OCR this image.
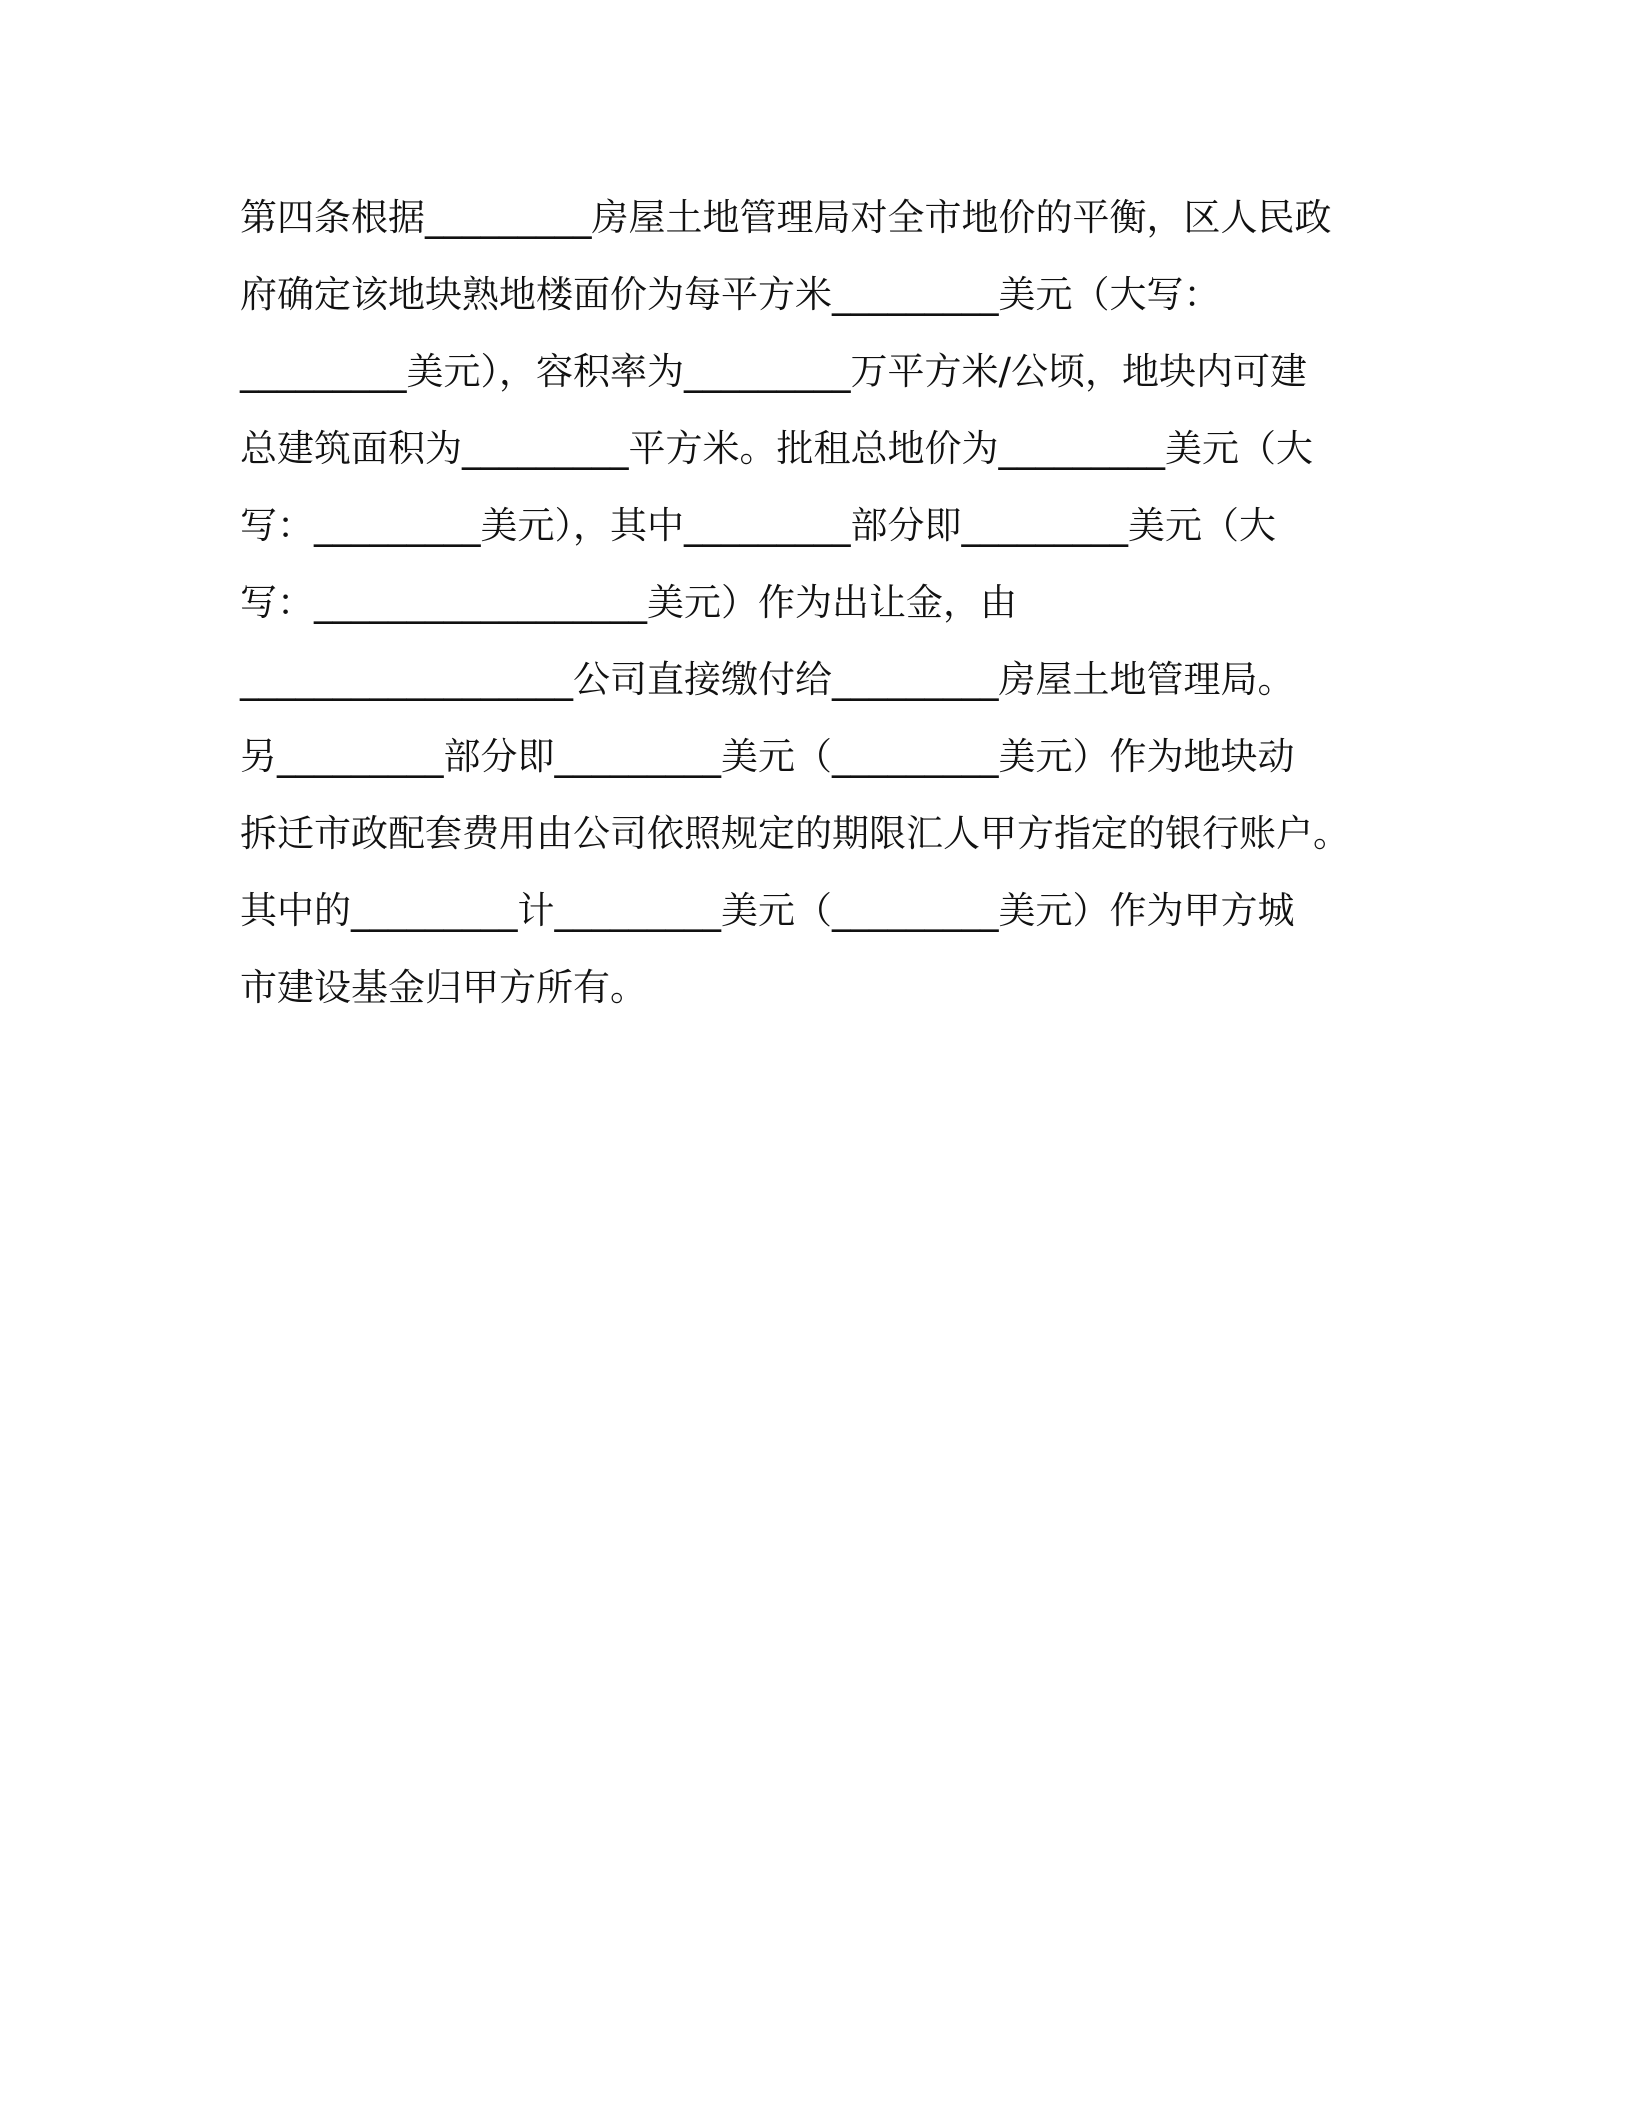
第四条根据_________房屋土地管理局对全市地价的平衡，区人民政
府确定该地块熟地楼面价为每平方米_________美元（大写：
_________美元），容积率为_________万平方米/公顷，地块内可建
总建筑面积为_________平方米。批租总地价为_________美元（大
写：_________美元），其中_________部分即_________美元（大
写：__________________美元）作为出让金，由
__________________公司直接缴付给_________房屋土地管理局。
另_________部分即_________美元（_________美元）作为地块动
拆迁市政配套费用由公司依照规定的期限汇人甲方指定的银行账户。
其中的_________计_________美元（_________美元）作为甲方城
市建设基金归甲方所有。
